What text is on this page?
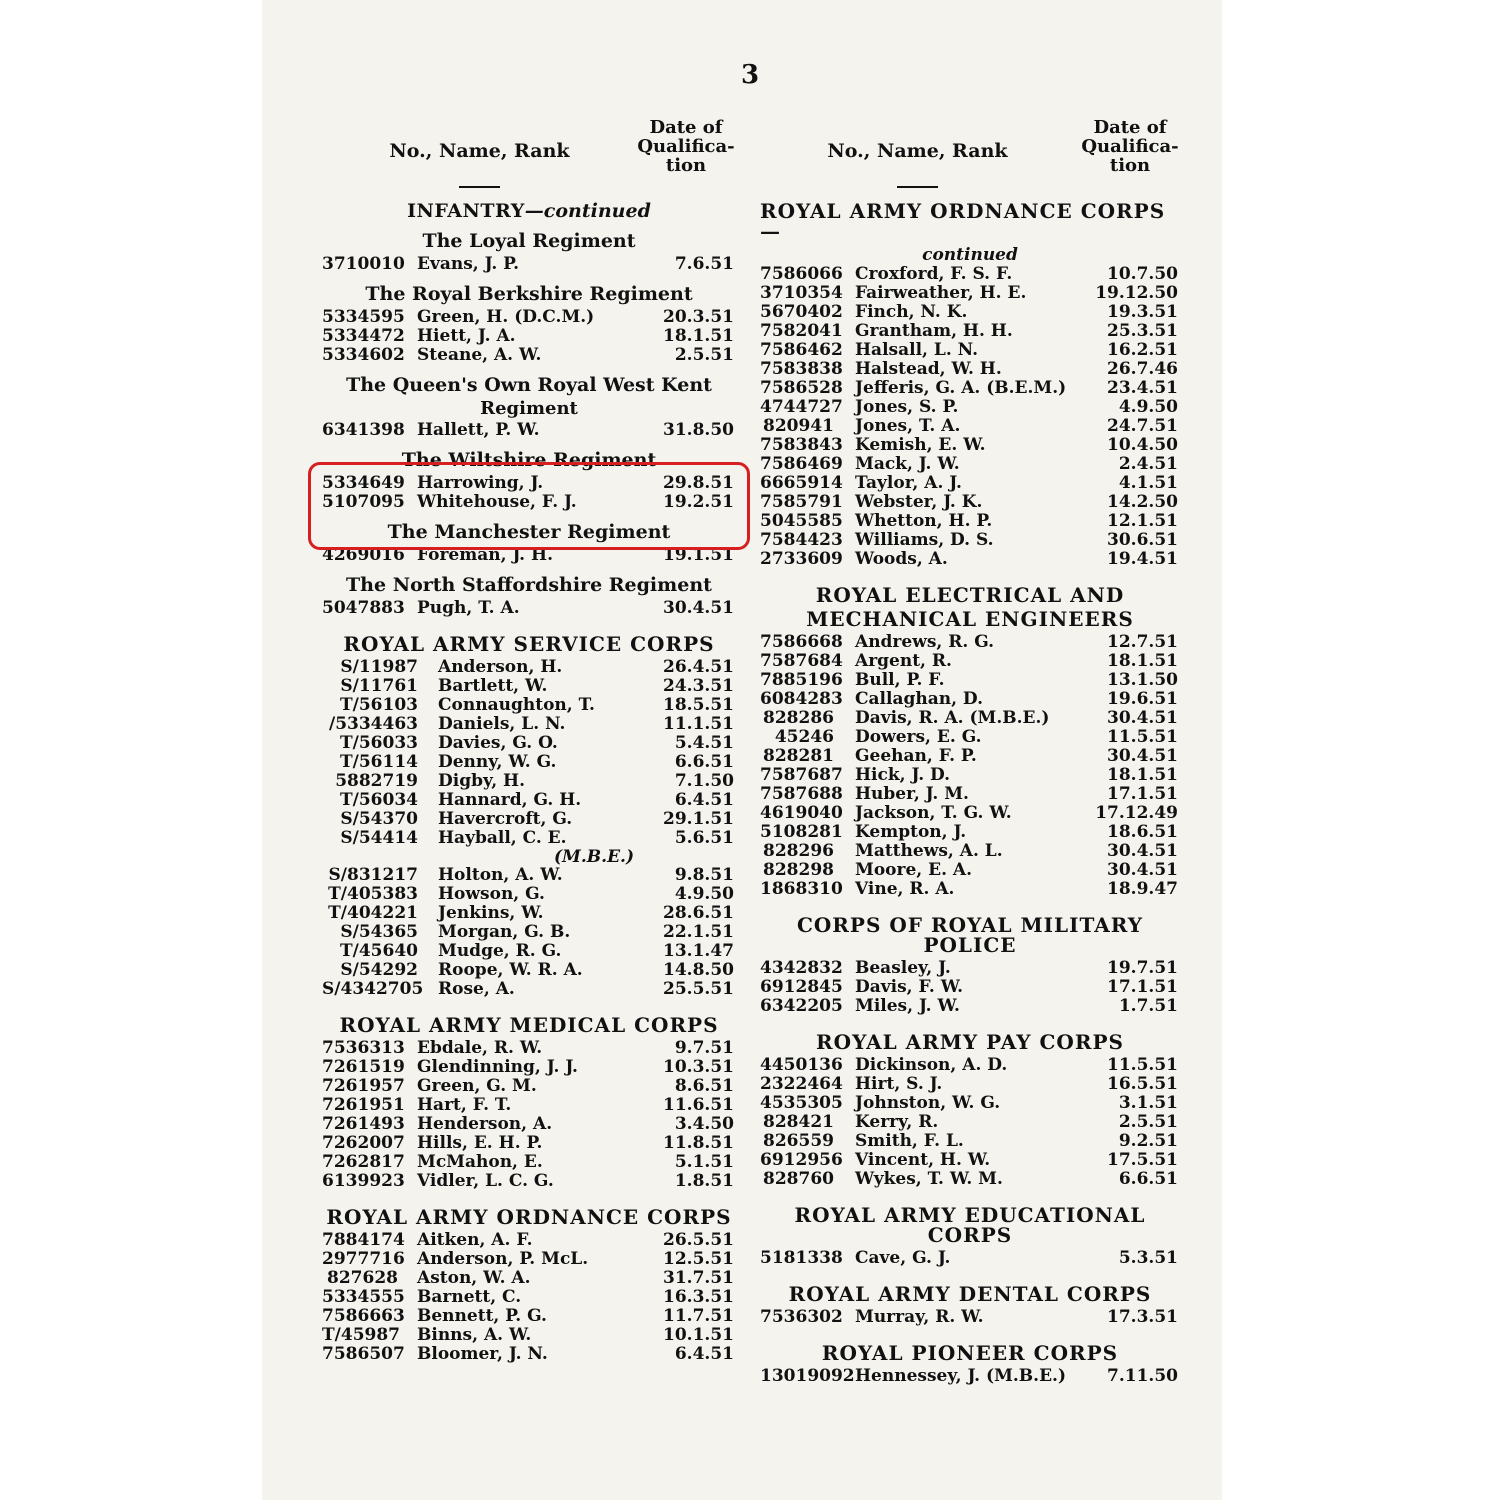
3
No., Name, Rank
Date of
Qualifica-
tion
INFANTRY—continued
The Loyal Regiment
3710010 Evans, J. P.	7.6.51
The Royal Berkshire Regiment
5334595 Green, H. (D.C.M.)	20.3.51
5334472 Hiett, J. A.	18.1.51
5334602 Steane, A. W.	2.5.51
The Queen's Own Royal West Kent
Regiment
6341398 Hallett, P. W.	31.8.50
The Wiltshire Regiment
5334649 Harrowing, J.	29.8.51
5107095 Whitehouse, F. J.	19.2.51
The Manchester Regiment
4269016 Foreman, J. H.	19.1.51
The North Staffordshire Regiment
5047883 Pugh, T. A.	30.4.51
ROYAL ARMY SERVICE CORPS
S/11987 Anderson, H.	26.4.51
S/11761 Bartlett, W.	24.3.51
T/56103 Connaughton, T.	18.5.51
/5334463 Daniels, L. N.	11.1.51
T/56033 Davies, G. O.	5.4.51
T/56114 Denny, W. G.	6.6.51
5882719 Digby, H.	7.1.50
T/56034 Hannard, G. H.	6.4.51
S/54370 Havercroft, G.	29.1.51
S/54414 Hayball, C. E.	5.6.51
(M.B.E.)
S/831217 Holton, A. W.	9.8.51
T/405383 Howson, G.	4.9.50
T/404221 Jenkins, W.	28.6.51
S/54365 Morgan, G. B.	22.1.51
T/45640 Mudge, R. G.	13.1.47
S/54292 Roope, W. R. A.	14.8.50
S/4342705 Rose, A.	25.5.51
ROYAL ARMY MEDICAL CORPS
7536313 Ebdale, R. W.	9.7.51
7261519 Glendinning, J. J.	10.3.51
7261957 Green, G. M.	8.6.51
7261951 Hart, F. T.	11.6.51
7261493 Henderson, A.	3.4.50
7262007 Hills, E. H. P.	11.8.51
7262817 McMahon, E.	5.1.51
6139923 Vidler, L. C. G.	1.8.51
ROYAL ARMY ORDNANCE CORPS
7884174 Aitken, A. F.	26.5.51
2977716 Anderson, P. McL.	12.5.51
827628 Aston, W. A.	31.7.51
5334555 Barnett, C.	16.3.51
7586663 Bennett, P. G.	11.7.51
T/45987 Binns, A. W.	10.1.51
7586507 Bloomer, J. N.	6.4.51
No., Name, Rank
Date of
Qualifica-
tion
ROYAL ARMY ORDNANCE CORPS—
continued
7586066 Croxford, F. S. F.	10.7.50
3710354 Fairweather, H. E.	19.12.50
5670402 Finch, N. K.	19.3.51
7582041 Grantham, H. H.	25.3.51
7586462 Halsall, L. N.	16.2.51
7583838 Halstead, W. H.	26.7.46
7586528 Jefferis, G. A. (B.E.M.) 23.4.51
4744727 Jones, S. P.	4.9.50
820941 Jones, T. A.	24.7.51
7583843 Kemish, E. W.	10.4.50
7586469 Mack, J. W.	2.4.51
6665914 Taylor, A. J.	4.1.51
7585791 Webster, J. K.	14.2.50
5045585 Whetton, H. P.	12.1.51
7584423 Williams, D. S.	30.6.51
2733609 Woods, A.	19.4.51
ROYAL ELECTRICAL AND
MECHANICAL ENGINEERS
7586668 Andrews, R. G.	12.7.51
7587684 Argent, R.	18.1.51
7885196 Bull, P. F.	13.1.50
6084283 Callaghan, D.	19.6.51
828286 Davis, R. A. (M.B.E.)	30.4.51
45246 Dowers, E. G.	11.5.51
828281 Geehan, F. P.	30.4.51
7587687 Hick, J. D.	18.1.51
7587688 Huber, J. M.	17.1.51
4619040 Jackson, T. G. W.	17.12.49
5108281 Kempton, J.	18.6.51
828296 Matthews, A. L.	30.4.51
828298 Moore, E. A.	30.4.51
1868310 Vine, R. A.	18.9.47
CORPS OF ROYAL MILITARY POLICE
4342832 Beasley, J.	19.7.51
6912845 Davis, F. W.	17.1.51
6342205 Miles, J. W.	1.7.51
ROYAL ARMY PAY CORPS
4450136 Dickinson, A. D.	11.5.51
2322464 Hirt, S. J.	16.5.51
4535305 Johnston, W. G.	3.1.51
828421 Kerry, R.	2.5.51
826559 Smith, F. L.	9.2.51
6912956 Vincent, H. W.	17.5.51
828760 Wykes, T. W. M.	6.6.51
ROYAL ARMY EDUCATIONAL CORPS
5181338 Cave, G. J.	5.3.51
ROYAL ARMY DENTAL CORPS
7536302 Murray, R. W.	17.3.51
ROYAL PIONEER CORPS
13019092 Hennessey, J. (M.B.E.) 7.11.50
